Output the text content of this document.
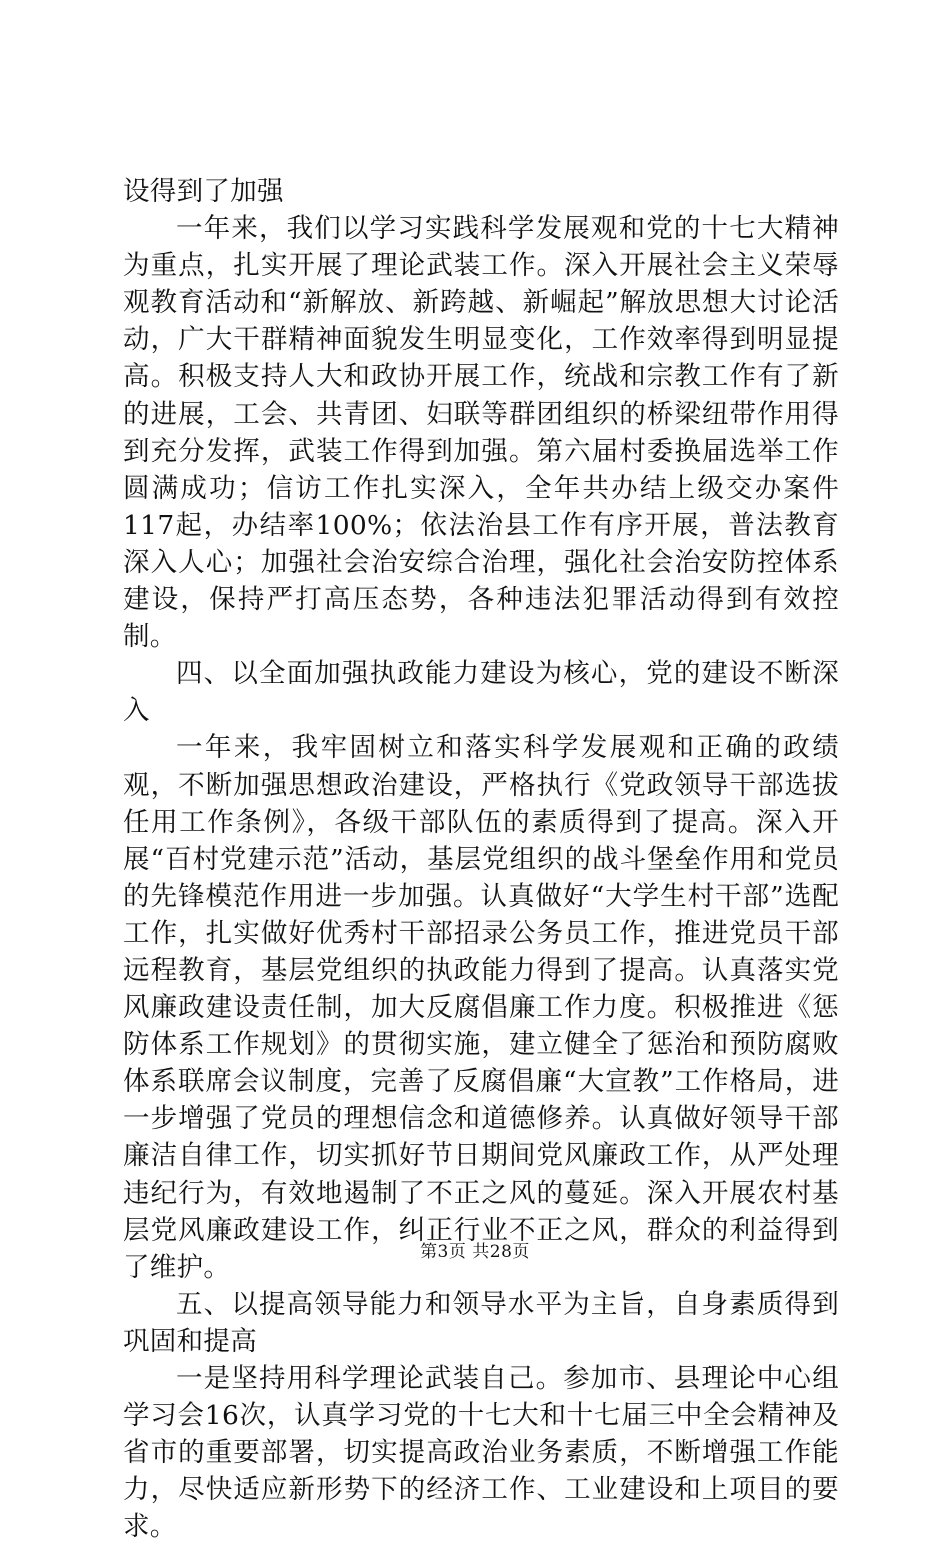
设得到了加强

一年来，我们以学习实践科学发展观和党的十七大精神为重点，扎实开展了理论武装工作。深入开展社会主义荣辱观教育活动和“新解放、新跨越、新崛起”解放思想大讨论活动，广大干群精神面貌发生明显变化，工作效率得到明显提高。积极支持人大和政协开展工作，统战和宗教工作有了新的进展，工会、共青团、妇联等群团组织的桥梁纽带作用得到充分发挥，武装工作得到加强。第六届村委换届选举工作圆满成功；信访工作扎实深入，全年共办结上级交办案件117起，办结率100%；依法治县工作有序开展，普法教育深入人心；加强社会治安综合治理，强化社会治安防控体系建设，保持严打高压态势，各种违法犯罪活动得到有效控制。

四、以全面加强执政能力建设为核心，党的建设不断深入

一年来，我牢固树立和落实科学发展观和正确的政绩观，不断加强思想政治建设，严格执行《党政领导干部选拔任用工作条例》，各级干部队伍的素质得到了提高。深入开展“百村党建示范”活动，基层党组织的战斗堡垒作用和党员的先锋模范作用进一步加强。认真做好“大学生村干部”选配工作，扎实做好优秀村干部招录公务员工作，推进党员干部远程教育，基层党组织的执政能力得到了提高。认真落实党风廉政建设责任制，加大反腐倡廉工作力度。积极推进《惩防体系工作规划》的贯彻实施，建立健全了惩治和预防腐败体系联席会议制度，完善了反腐倡廉“大宣教”工作格局，进一步增强了党员的理想信念和道德修养。认真做好领导干部廉洁自律工作，切实抓好节日期间党风廉政工作，从严处理违纪行为，有效地遏制了不正之风的蔓延。深入开展农村基层党风廉政建设工作，纠正行业不正之风，群众的利益得到了维护。

五、以提高领导能力和领导水平为主旨，自身素质得到巩固和提高

一是坚持用科学理论武装自己。参加市、县理论中心组学习会16次，认真学习党的十七大和十七届三中全会精神及省市的重要部署，切实提高政治业务素质，不断增强工作能力，尽快适应新形势下的经济工作、工业建设和上项目的要求。

第3页 共28页
